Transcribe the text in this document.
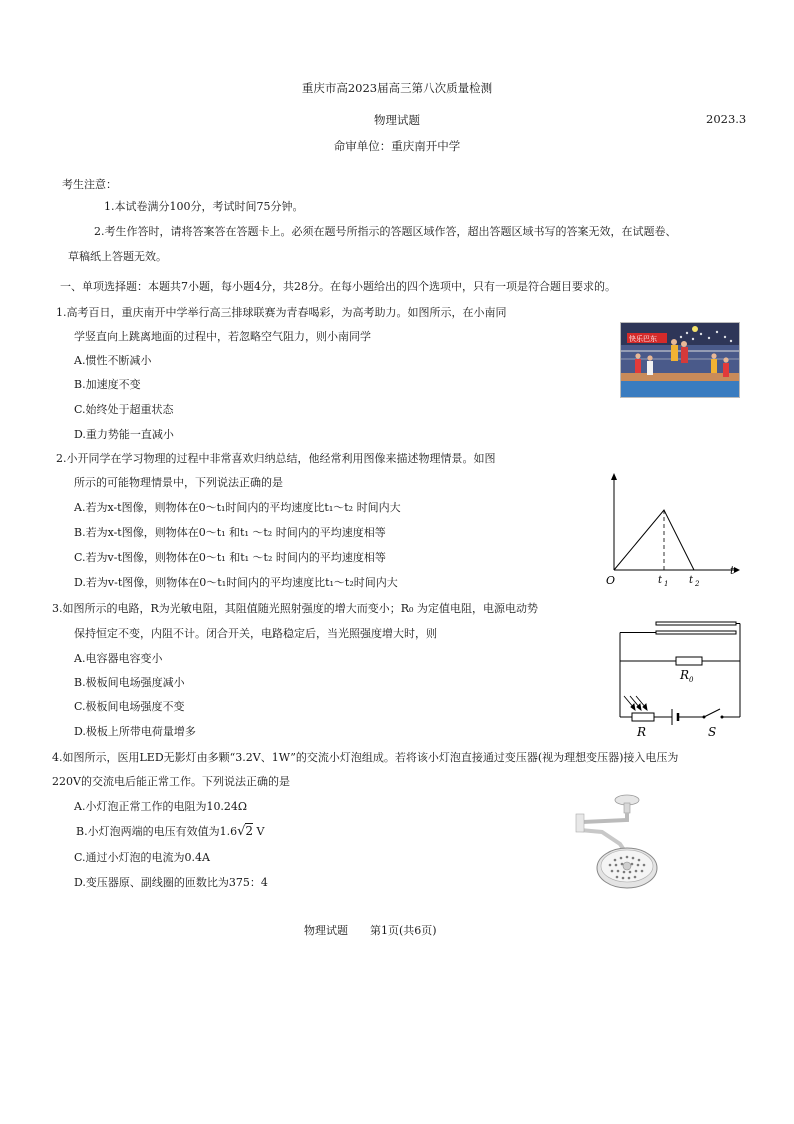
重庆市高2023届高三第八次质量检测
物理试题	2023.3
命审单位：重庆南开中学
考生注意：
1.本试卷满分100分，考试时间75分钟。
2.考生作答时，请将答案答在答题卡上。必须在题号所指示的答题区域作答，超出答题区域书写的答案无效，在试题卷、
草稿纸上答题无效。
一、单项选择题：本题共7小题，每小题4分，共28分。在每小题给出的四个选项中，只有一项是符合题目要求的。
1.高考百日，重庆南开中学举行高三排球联赛为青春喝彩，为高考助力。如图所示，在小南同
学竖直向上跳离地面的过程中，若忽略空气阻力，则小南同学
A.惯性不断减小
B.加速度不变
C.始终处于超重状态
D.重力势能一直减小
快乐巴东
2.小开同学在学习物理的过程中非常喜欢归纳总结，他经常利用图像来描述物理情景。如图
所示的可能物理情景中，下列说法正确的是
A.若为x-t图像，则物体在0～t₁时间内的平均速度比t₁～t₂ 时间内大
B.若为x-t图像，则物体在0～t₁ 和t₁ ～t₂ 时间内的平均速度相等
C.若为v-t图像，则物体在0～t₁ 和t₁ ～t₂ 时间内的平均速度相等
D.若为v-t图像，则物体在0～t₁时间内的平均速度比t₁～t₂时间内大	O	t 1 t 2
t
3.如图所示的电路，R为光敏电阻，其阻值随光照射强度的增大而变小；R₀ 为定值电阻，电源电动势
保持恒定不变，内阻不计。闭合开关，电路稳定后，当光照强度增大时，则
A.电容器电容变小
B.极板间电场强度减小
C.极板间电场强度不变
D.极板上所带电荷量增多
R 0
R	S
4.如图所示，医用LED无影灯由多颗“3.2V、1W”的交流小灯泡组成。若将该小灯泡直接通过变压器(视为理想变压器)接入电压为
220V的交流电后能正常工作。下列说法正确的是
A.小灯泡正常工作的电阻为10.24Ω
B.小灯泡两端的电压有效值为1.6√2 V
C.通过小灯泡的电流为0.4A
D.变压器原、副线圈的匝数比为375：4
物理试题 第1页(共6页)
